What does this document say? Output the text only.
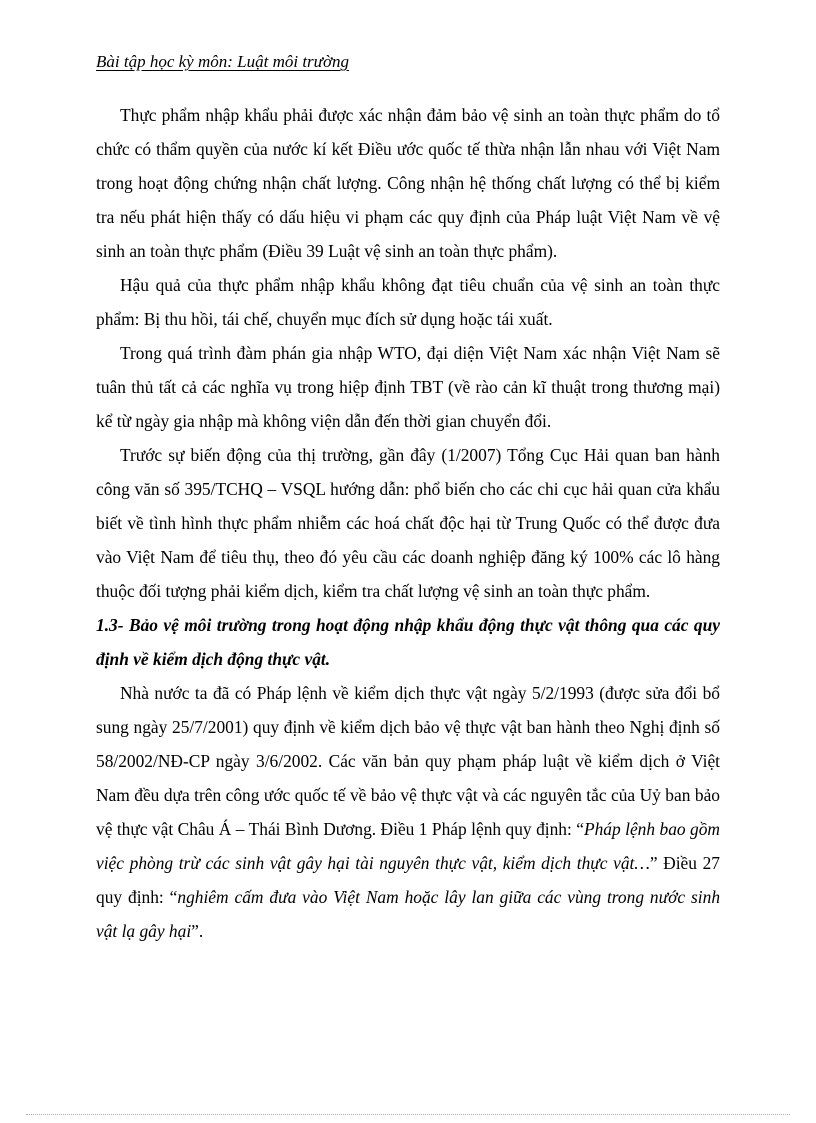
Bài tập học kỳ môn: Luật môi trường

Thực phẩm nhập khẩu phải được xác nhận đảm bảo vệ sinh an toàn thực phẩm do tổ chức có thẩm quyền của nước kí kết Điều ước quốc tế thừa nhận lẫn nhau với Việt Nam trong hoạt động chứng nhận chất lượng. Công nhận hệ thống chất lượng có thể bị kiểm tra nếu phát hiện thấy có dấu hiệu vi phạm các quy định của Pháp luật Việt Nam về vệ sinh an toàn thực phẩm (Điều 39 Luật vệ sinh an toàn thực phẩm).

Hậu quả của thực phẩm nhập khẩu không đạt tiêu chuẩn của vệ sinh an toàn thực phẩm: Bị thu hồi, tái chế, chuyển mục đích sử dụng hoặc tái xuất.

Trong quá trình đàm phán gia nhập WTO, đại diện Việt Nam xác nhận Việt Nam sẽ tuân thủ tất cả các nghĩa vụ trong hiệp định TBT (về rào cản kĩ thuật trong thương mại) kể từ ngày gia nhập mà không viện dẫn đến thời gian chuyển đổi.

Trước sự biến động của thị trường, gần đây (1/2007) Tổng Cục Hải quan ban hành công văn số 395/TCHQ – VSQL hướng dẫn: phổ biến cho các chi cục hải quan cửa khẩu biết về tình hình thực phẩm nhiễm các hoá chất độc hại từ Trung Quốc có thể được đưa vào Việt Nam để tiêu thụ, theo đó yêu cầu các doanh nghiệp đăng ký 100% các lô hàng thuộc đối tượng phải kiểm dịch, kiểm tra chất lượng vệ sinh an toàn thực phẩm.

1.3- Bảo vệ môi trường trong hoạt động nhập khẩu động thực vật thông qua các quy định về kiểm dịch động thực vật.

Nhà nước ta đã có Pháp lệnh về kiểm dịch thực vật ngày 5/2/1993 (được sửa đổi bổ sung ngày 25/7/2001) quy định về kiểm dịch bảo vệ thực vật ban hành theo Nghị định số 58/2002/NĐ-CP ngày 3/6/2002. Các văn bản quy phạm pháp luật về kiểm dịch ở Việt Nam đều dựa trên công ước quốc tế về bảo vệ thực vật và các nguyên tắc của Uỷ ban bảo vệ thực vật Châu Á – Thái Bình Dương. Điều 1 Pháp lệnh quy định: “Pháp lệnh bao gồm việc phòng trừ các sinh vật gây hại tài nguyên thực vật, kiểm dịch thực vật…” Điều 27 quy định: “nghiêm cấm đưa vào Việt Nam hoặc lây lan giữa các vùng trong nước sinh vật lạ gây hại”.
